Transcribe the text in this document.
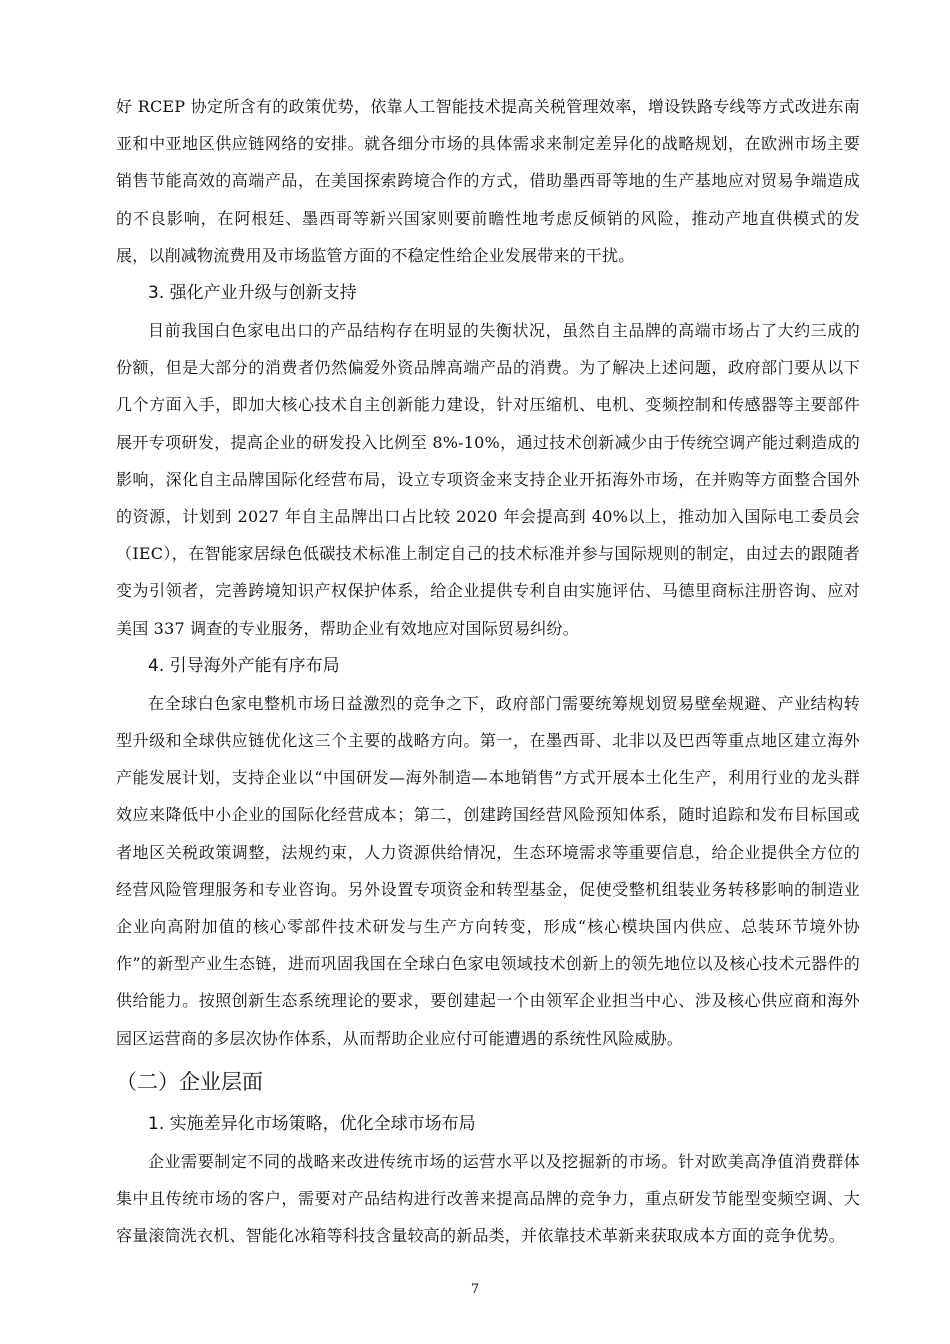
好 RCEP 协定所含有的政策优势，依靠人工智能技术提高关税管理效率，增设铁路专线等方式改进东南亚和中亚地区供应链网络的安排。就各细分市场的具体需求来制定差异化的战略规划，在欧洲市场主要销售节能高效的高端产品，在美国探索跨境合作的方式，借助墨西哥等地的生产基地应对贸易争端造成的不良影响，在阿根廷、墨西哥等新兴国家则要前瞻性地考虑反倾销的风险，推动产地直供模式的发展，以削减物流费用及市场监管方面的不稳定性给企业发展带来的干扰。

3. 强化产业升级与创新支持

目前我国白色家电出口的产品结构存在明显的失衡状况，虽然自主品牌的高端市场占了大约三成的份额，但是大部分的消费者仍然偏爱外资品牌高端产品的消费。为了解决上述问题，政府部门要从以下几个方面入手，即加大核心技术自主创新能力建设，针对压缩机、电机、变频控制和传感器等主要部件展开专项研发，提高企业的研发投入比例至 8%-10%，通过技术创新减少由于传统空调产能过剩造成的影响，深化自主品牌国际化经营布局，设立专项资金来支持企业开拓海外市场，在并购等方面整合国外的资源，计划到 2027 年自主品牌出口占比较 2020 年会提高到 40%以上，推动加入国际电工委员会（IEC），在智能家居绿色低碳技术标准上制定自己的技术标准并参与国际规则的制定，由过去的跟随者变为引领者，完善跨境知识产权保护体系，给企业提供专利自由实施评估、马德里商标注册咨询、应对美国 337 调查的专业服务，帮助企业有效地应对国际贸易纠纷。

4. 引导海外产能有序布局

在全球白色家电整机市场日益激烈的竞争之下，政府部门需要统筹规划贸易壁垒规避、产业结构转型升级和全球供应链优化这三个主要的战略方向。第一，在墨西哥、北非以及巴西等重点地区建立海外产能发展计划，支持企业以“中国研发—海外制造—本地销售”方式开展本土化生产，利用行业的龙头群效应来降低中小企业的国际化经营成本；第二，创建跨国经营风险预知体系，随时追踪和发布目标国或者地区关税政策调整，法规约束，人力资源供给情况，生态环境需求等重要信息，给企业提供全方位的经营风险管理服务和专业咨询。另外设置专项资金和转型基金，促使受整机组装业务转移影响的制造业企业向高附加值的核心零部件技术研发与生产方向转变，形成“核心模块国内供应、总装环节境外协作”的新型产业生态链，进而巩固我国在全球白色家电领域技术创新上的领先地位以及核心技术元器件的供给能力。按照创新生态系统理论的要求，要创建起一个由领军企业担当中心、涉及核心供应商和海外园区运营商的多层次协作体系，从而帮助企业应付可能遭遇的系统性风险威胁。

（二）企业层面
1. 实施差异化市场策略，优化全球市场布局

企业需要制定不同的战略来改进传统市场的运营水平以及挖掘新的市场。针对欧美高净值消费群体集中且传统市场的客户，需要对产品结构进行改善来提高品牌的竞争力，重点研发节能型变频空调、大容量滚筒洗衣机、智能化冰箱等科技含量较高的新品类，并依靠技术革新来获取成本方面的竞争优势。

7
